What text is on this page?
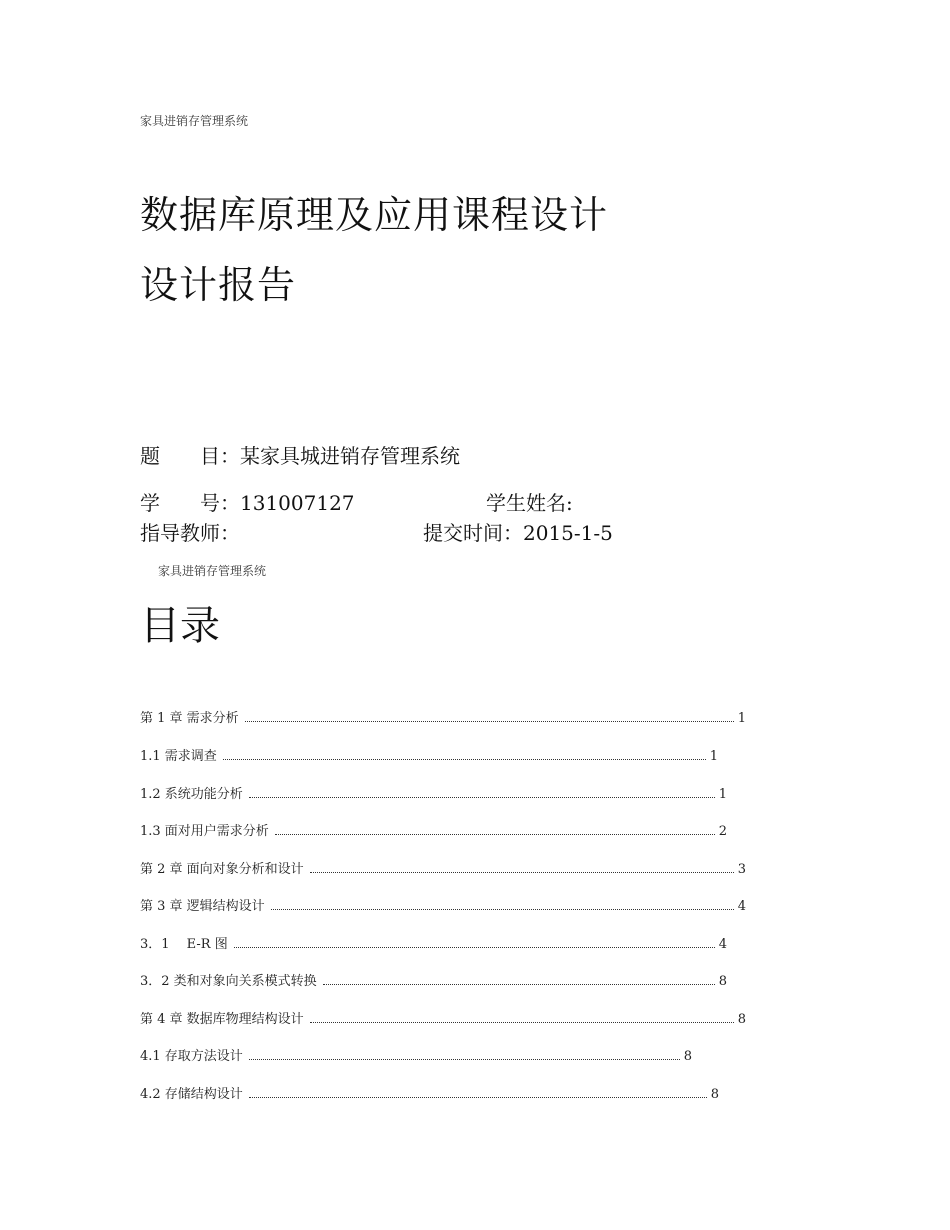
家具进销存管理系统
数据库原理及应用课程设计
设计报告
题　　目：某家具城进销存管理系统
学　　号：131007127	学生姓名:
指导教师：	提交时间：2015-1-5
家具进销存管理系统
目录
第 1 章 需求分析	1
1.1 需求调查	1
1.2 系统功能分析	1
1.3 面对用户需求分析	2
第 2 章 面向对象分析和设计	3
第 3 章 逻辑结构设计	4
3．1　 E-R 图	4
3．2 类和对象向关系模式转换	8
第 4 章 数据库物理结构设计	8
4.1 存取方法设计	8
4.2 存储结构设计	8
